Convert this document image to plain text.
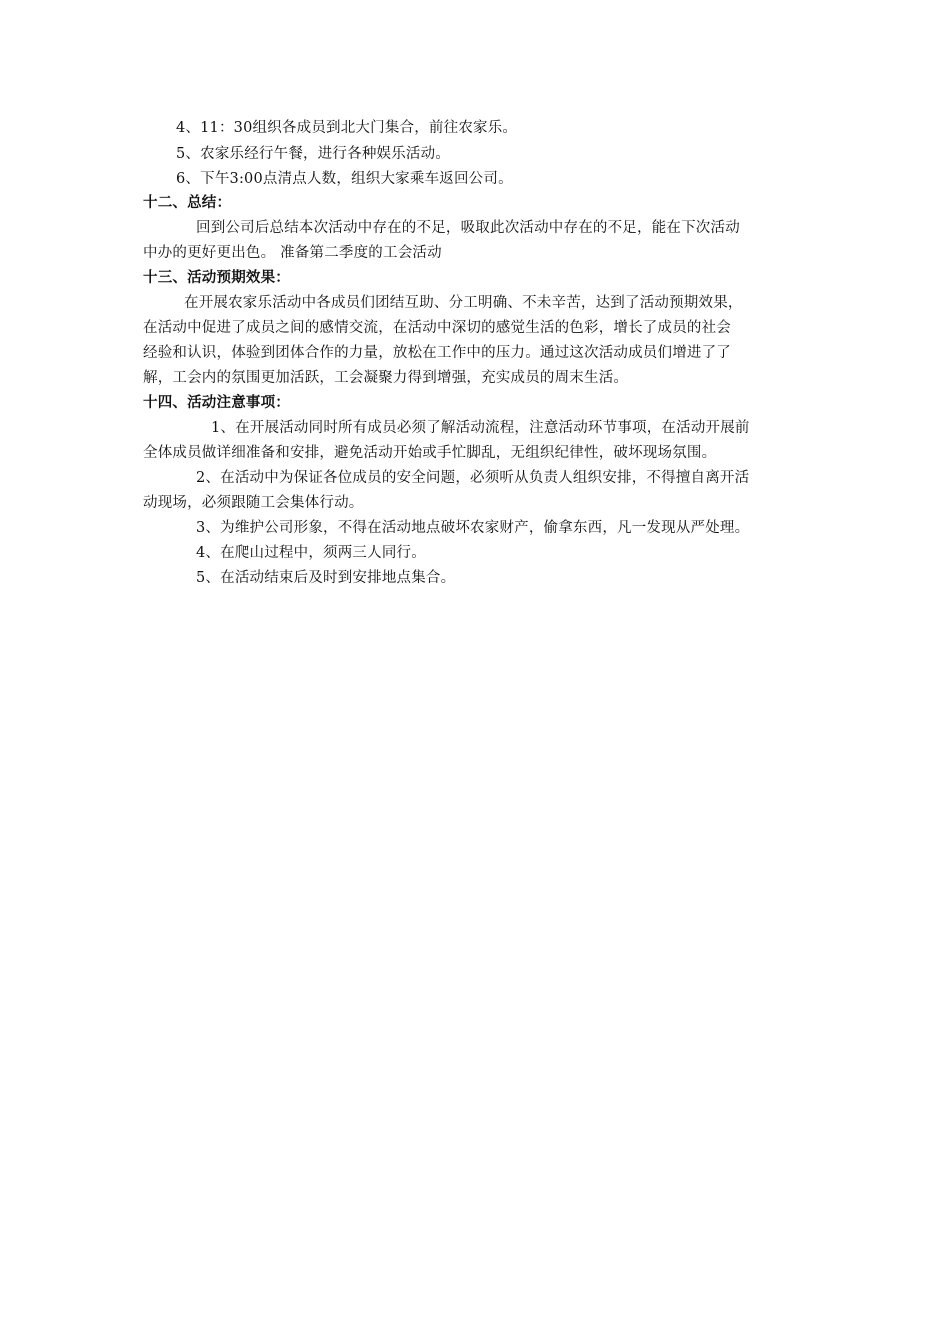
4、11：30组织各成员到北大门集合，前往农家乐。
5、农家乐经行午餐，进行各种娱乐活动。
6、下午3:00点清点人数，组织大家乘车返回公司。
十二、总结：
回到公司后总结本次活动中存在的不足，吸取此次活动中存在的不足，能在下次活动
中办的更好更出色。 准备第二季度的工会活动
十三、活动预期效果：
在开展农家乐活动中各成员们团结互助、分工明确、不未辛苦，达到了活动预期效果，
在活动中促进了成员之间的感情交流，在活动中深切的感觉生活的色彩，增长了成员的社会
经验和认识，体验到团体合作的力量，放松在工作中的压力。通过这次活动成员们增进了了
解，工会内的氛围更加活跃，工会凝聚力得到增强，充实成员的周末生活。
十四、活动注意事项：
1、在开展活动同时所有成员必须了解活动流程，注意活动环节事项，在活动开展前
全体成员做详细准备和安排，避免活动开始或手忙脚乱，无组织纪律性，破坏现场氛围。
2、在活动中为保证各位成员的安全问题，必须听从负责人组织安排，不得擅自离开活
动现场，必须跟随工会集体行动。
3、为维护公司形象，不得在活动地点破坏农家财产，偷拿东西，凡一发现从严处理。
4、在爬山过程中，须两三人同行。
5、在活动结束后及时到安排地点集合。
